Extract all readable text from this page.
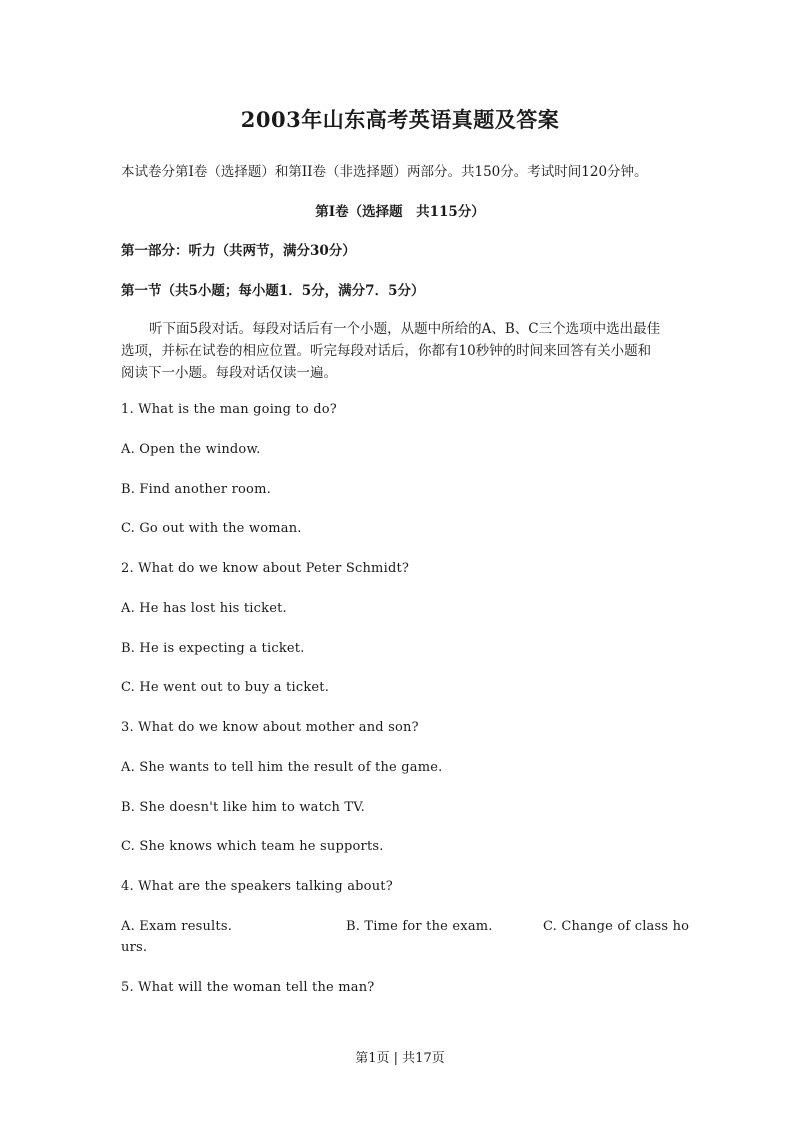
2003年山东高考英语真题及答案
本试卷分第I卷（选择题）和第II卷（非选择题）两部分。共150分。考试时间120分钟。
第I卷（选择题　共115分）
第一部分：听力（共两节，满分30分）
第一节（共5小题；每小题1．5分，满分7．5分）
听下面5段对话。每段对话后有一个小题，从题中所给的A、B、C三个选项中选出最佳
选项，并标在试卷的相应位置。听完每段对话后，你都有10秒钟的时间来回答有关小题和
阅读下一小题。每段对话仅读一遍。
1. What is the man going to do?
A. Open the window.
B. Find another room.
C. Go out with the woman.
2. What do we know about Peter Schmidt?
A. He has lost his ticket.
B. He is expecting a ticket.
C. He went out to buy a ticket.
3. What do we know about mother and son?
A. She wants to tell him the result of the game.
B. She doesn't like him to watch TV.
C. She knows which team he supports.
4. What are the speakers talking about?
A. Exam results.	B. Time for the exam.	C. Change of class ho
urs.
5. What will the woman tell the man?
第1页 | 共17页
